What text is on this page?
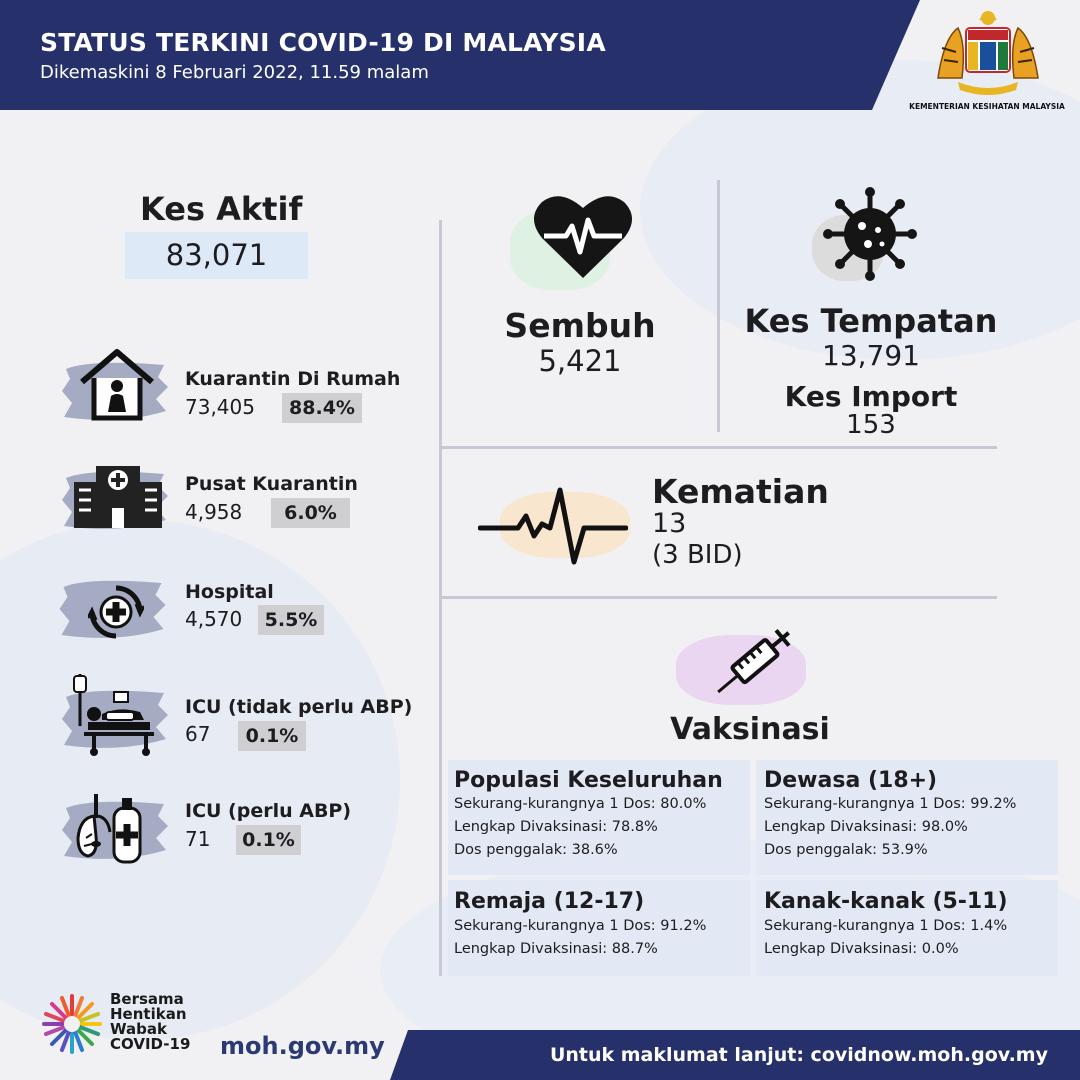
STATUS TERKINI COVID-19 DI MALAYSIA
Dikemaskini 8 Februari 2022, 11.59 malam
KEMENTERIAN KESIHATAN MALAYSIA
Kes Aktif
83,071
Kuarantin Di Rumah
73,405	88.4%
Pusat Kuarantin
4,958	6.0%
Hospital
4,570	5.5%
ICU (tidak perlu ABP)
67	0.1%
ICU (perlu ABP)
71	0.1%
Sembuh
5,421
Kes Tempatan
13,791
Kes Import
153
Kematian
13
(3 BID)
Vaksinasi
Populasi Keseluruhan
Sekurang-kurangnya 1 Dos: 80.0%
Lengkap Divaksinasi: 78.8%
Dos penggalak: 38.6%
Dewasa (18+)
Sekurang-kurangnya 1 Dos: 99.2%
Lengkap Divaksinasi: 98.0%
Dos penggalak: 53.9%
Remaja (12-17)
Sekurang-kurangnya 1 Dos: 91.2%
Lengkap Divaksinasi: 88.7%
Kanak-kanak (5-11)
Sekurang-kurangnya 1 Dos: 1.4%
Lengkap Divaksinasi: 0.0%
Untuk maklumat lanjut: covidnow.moh.gov.my
Bersama
Hentikan
Wabak
COVID-19 moh.gov.my
